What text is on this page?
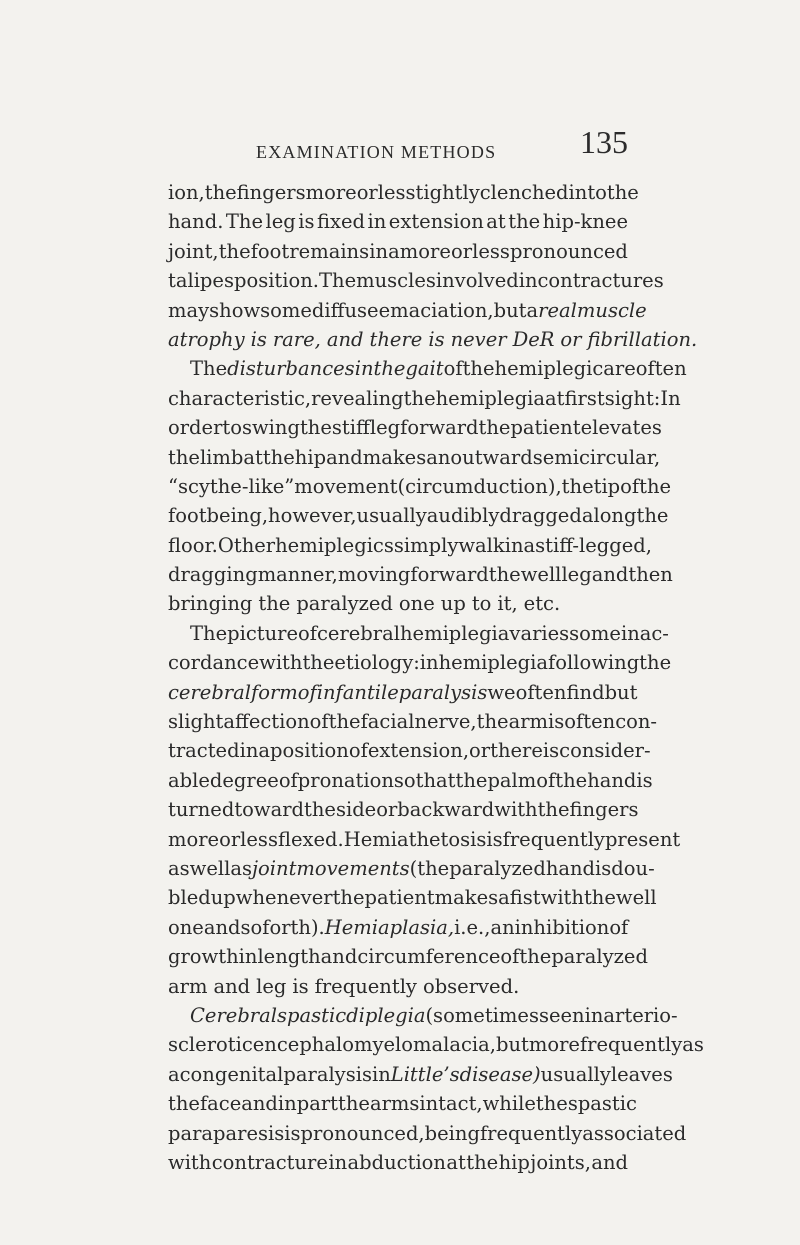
EXAMINATION METHODS	135
ion, the fingers more or less tightly clenched into the
hand. The leg is fixed in extension at the hip-knee
joint, the foot remains in a more or less pronounced
talipes position. The muscles involved in contractures
may show some diffuse emaciation, but a real muscle
atrophy is rare, and there is never DeR or fibrillation.
The disturbances in the gait of the hemiplegic are often
characteristic, revealing the hemiplegia at first sight: In
order to swing the stiff leg forward the patient elevates
the limb at the hip and makes an outward semicircular,
“scythe-like” movement (circumduction), the tip of the
foot being, however, usually audibly dragged along the
floor. Other hemiplegics simply walk in a stiff-legged,
dragging manner, moving forward the well leg and then
bringing the paralyzed one up to it, etc.
The picture of cerebral hemiplegia varies some in ac-
cordance with the etiology: in hemiplegia following the
cerebral form of infantile paralysis we often find but
slight affection of the facial nerve, the arm is often con-
tracted in a position of extension, or there is consider-
able degree of pronation so that the palm of the hand is
turned toward the side or backward with the fingers
more or less flexed. Hemiathetosis is frequently present
as well as joint movements (the paralyzed hand is dou-
bled up whenever the patient makes a fist with the well
one and so forth). Hemiaplasia, i.e., an inhibition of
growth in length and circumference of the paralyzed
arm and leg is frequently observed.
Cerebral spastic diplegia (sometimes seen in arterio-
sclerotic encephalomyelomalacia, but more frequently as
a congenital paralysis in Little’s disease) usually leaves
the face and in part the arms intact, while the spastic
paraparesis is pronounced, being frequently associated
with contracture in abduction at the hip joints, and
